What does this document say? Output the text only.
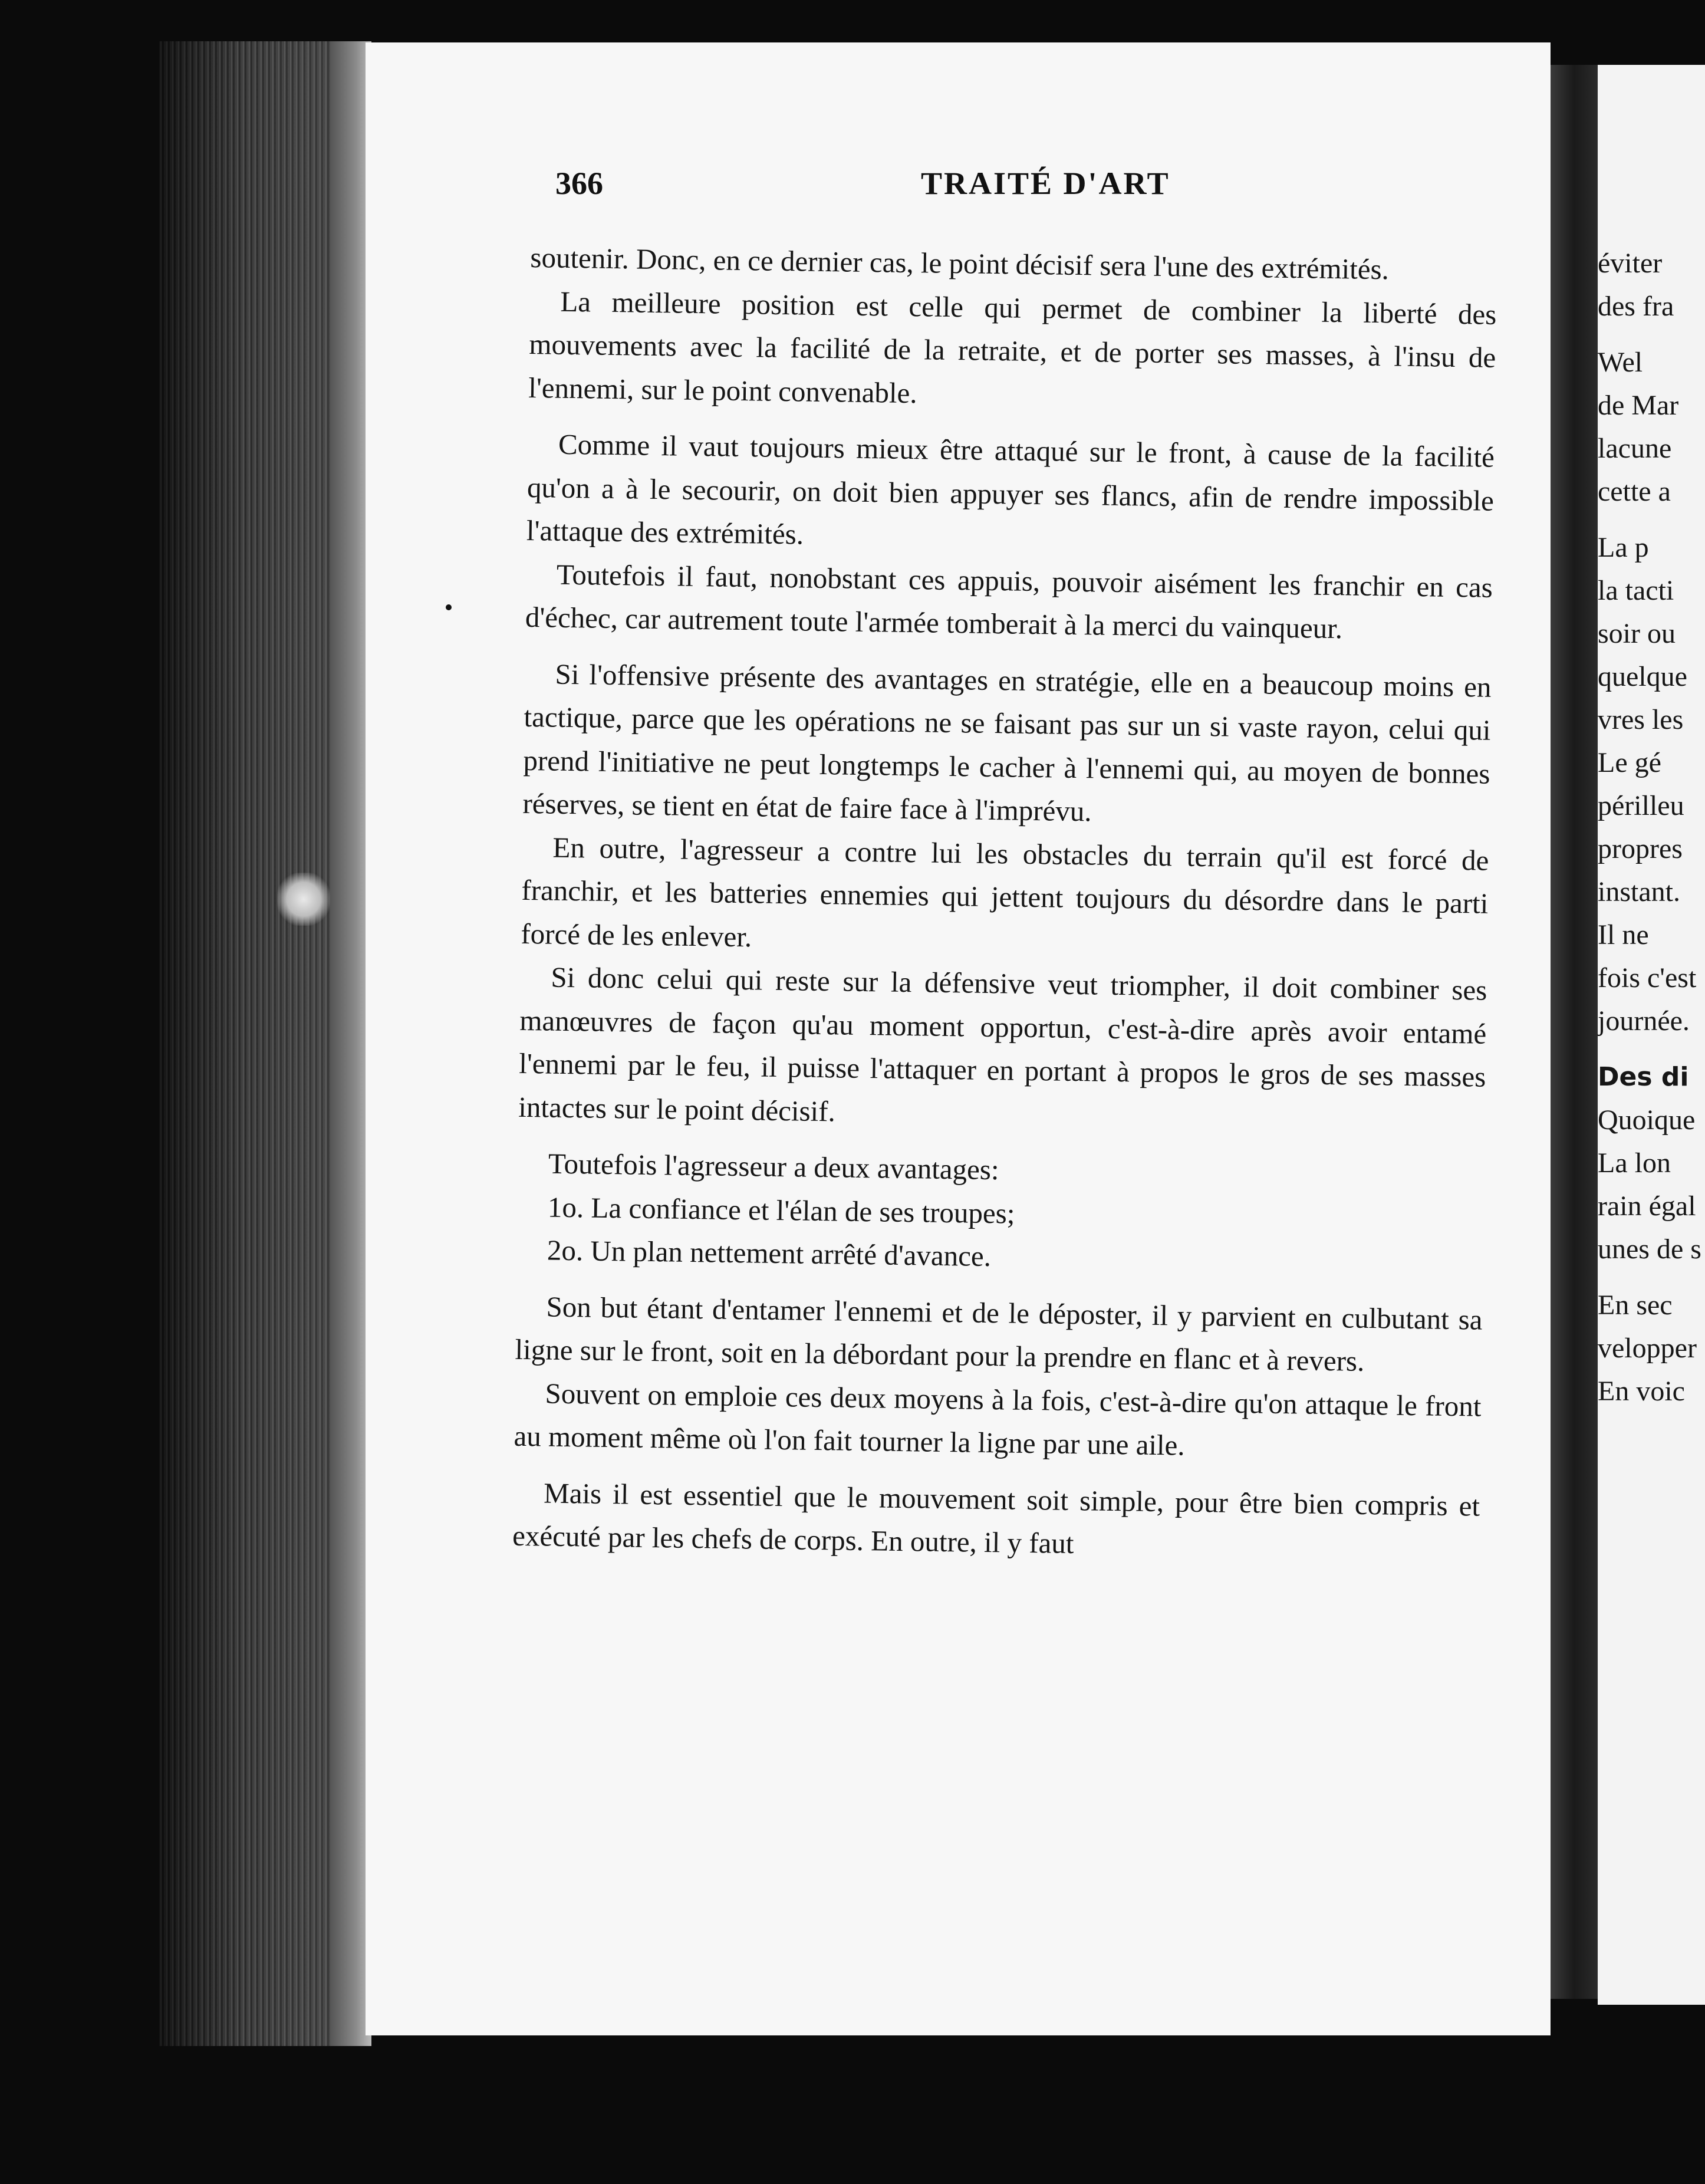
éviter
des fra
Wel
de Mar
lacune
cette a
La p
la tacti
soir ou
quelque
vres les
Le gé
périlleu
propres
instant.
Il ne
fois c'est
journée.
Des di
Quoique
La lon
rain égal
unes de s
En sec
velopper
En voic
366	TRAITÉ D'ART

soutenir. Donc, en ce dernier cas, le point décisif sera l'une des extrémités.

La meilleure position est celle qui permet de combiner la liberté des mouvements avec la facilité de la retraite, et de porter ses masses, à l'insu de l'ennemi, sur le point convenable.

Comme il vaut toujours mieux être attaqué sur le front, à cause de la facilité qu'on a à le secourir, on doit bien appuyer ses flancs, afin de rendre impossible l'attaque des extrémités.

Toutefois il faut, nonobstant ces appuis, pouvoir aisément les franchir en cas d'échec, car autrement toute l'armée tomberait à la merci du vainqueur.

Si l'offensive présente des avantages en stratégie, elle en a beaucoup moins en tactique, parce que les opérations ne se faisant pas sur un si vaste rayon, celui qui prend l'initiative ne peut longtemps le cacher à l'ennemi qui, au moyen de bonnes réserves, se tient en état de faire face à l'imprévu.

En outre, l'agresseur a contre lui les obstacles du terrain qu'il est forcé de franchir, et les batteries ennemies qui jettent toujours du désordre dans le parti forcé de les enlever.

Si donc celui qui reste sur la défensive veut triompher, il doit combiner ses manœuvres de façon qu'au moment opportun, c'est-à-dire après avoir entamé l'ennemi par le feu, il puisse l'attaquer en portant à propos le gros de ses masses intactes sur le point décisif.

Toutefois l'agresseur a deux avantages:

1o. La confiance et l'élan de ses troupes;

2o. Un plan nettement arrêté d'avance.

Son but étant d'entamer l'ennemi et de le déposter, il y parvient en culbutant sa ligne sur le front, soit en la débordant pour la prendre en flanc et à revers.

Souvent on emploie ces deux moyens à la fois, c'est-à-dire qu'on attaque le front au moment même où l'on fait tourner la ligne par une aile.

Mais il est essentiel que le mouvement soit simple, pour être bien compris et exécuté par les chefs de corps. En outre, il y faut
